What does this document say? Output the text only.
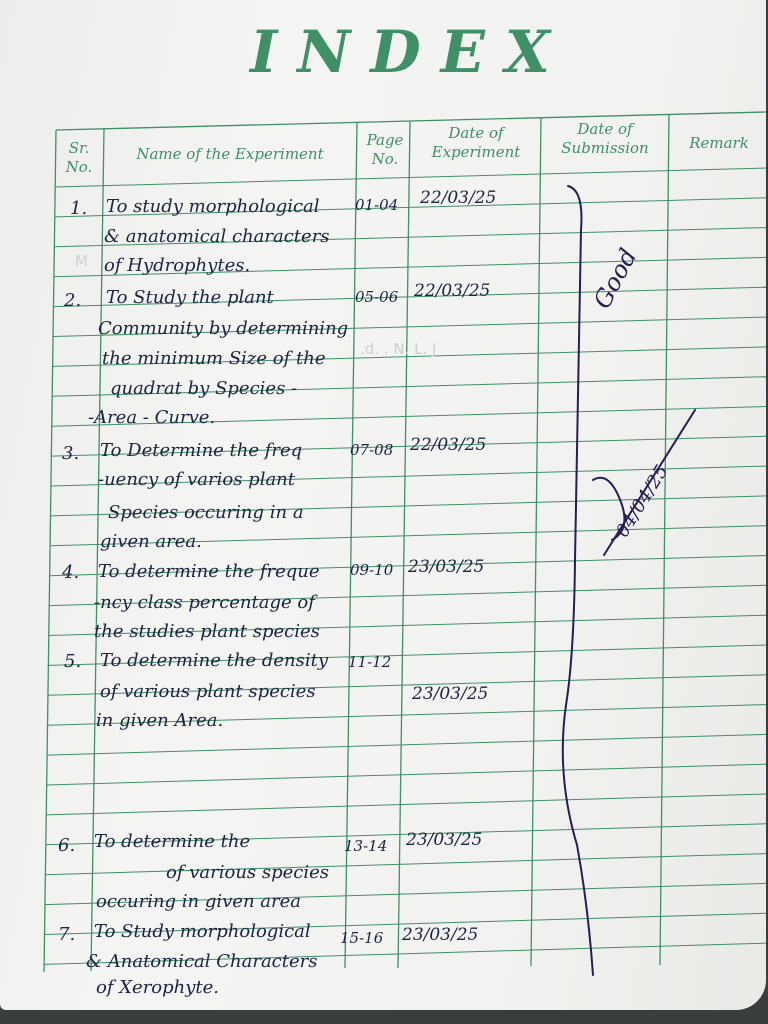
INDEX
Sr. No.
Name of the Experiment
Page No.
Date of Experiment
Date of Submission	Remark
M
.d. . N. L. J
1. To study morphological
& anatomical characters
of Hydrophytes.
01-04 22/03/25
2. To Study the plant
Community by determining
the minimum Size of the
quadrat by Species -
-Area - Curve.
05-06 22/03/25
3. To Determine the freq
-uency of varios plant
Species occuring in a
given area.
07-08 22/03/25
4. To determine the freque
-ncy class percentage of
the studies plant species
09-10 23/03/25
5. To determine the density
of various plant species
in given Area.
11-12
23/03/25
6. To determine the
of various species
occuring in given area
13-14 23/03/25
7. To Study morphological
& Anatomical Characters
of Xerophyte.
15-16 23/03/25
Good
04/04/25
